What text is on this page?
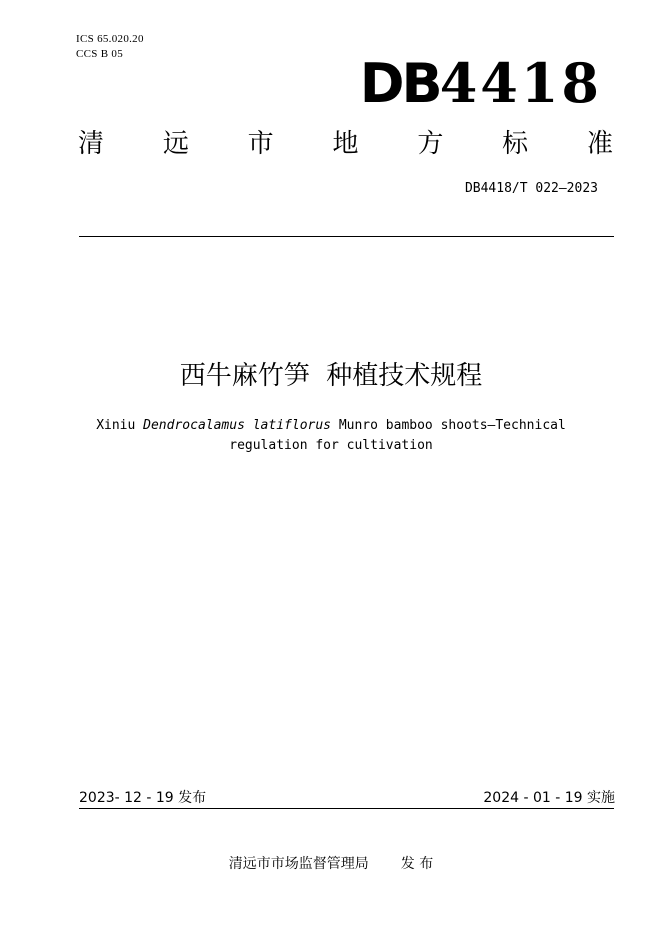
ICS 65.020.20
CCS B 05	DB4418
清 远 市 地 方 标 准
DB4418/T 022—2023
西牛麻竹笋  种植技术规程
Xiniu Dendrocalamus latiflorus Munro bamboo shoots—Technical regulation for cultivation
2023- 12 - 19 发布	2024 - 01 - 19 实施
清远市市场监督管理局 发 布
